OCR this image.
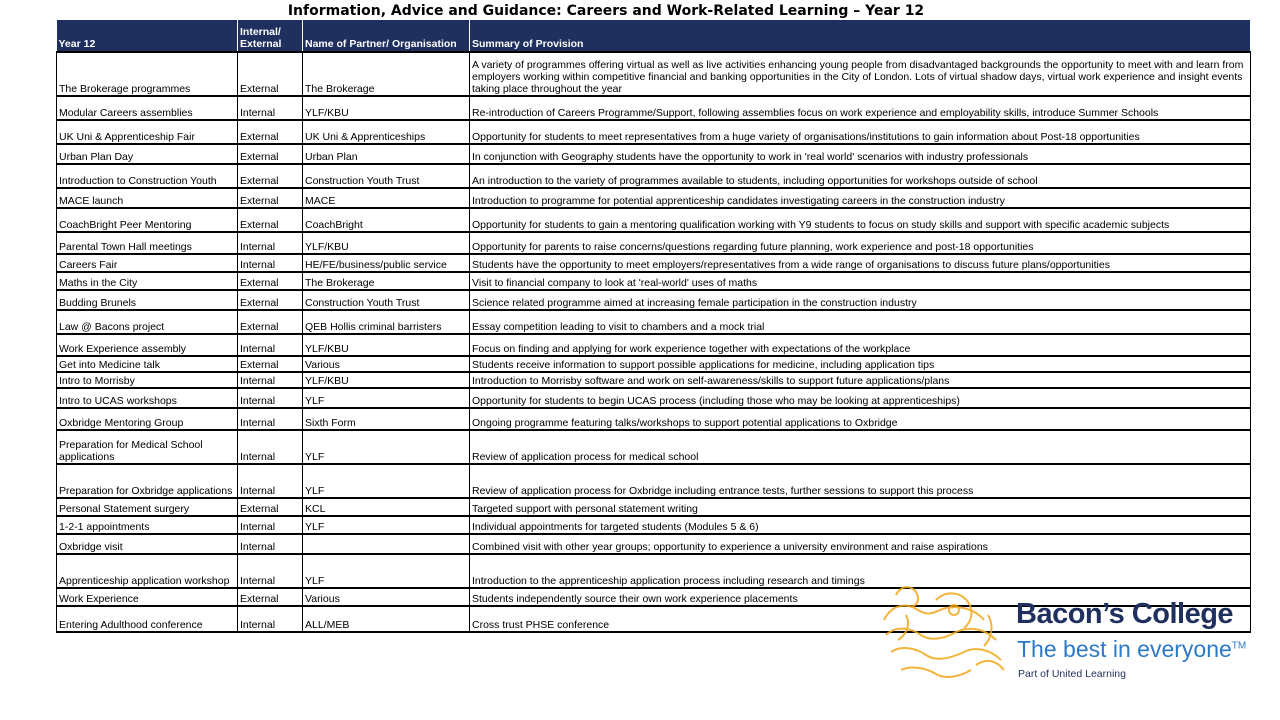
Information, Advice and Guidance: Careers and Work-Related Learning – Year 12
Year 12	Internal/ External	Name of Partner/ Organisation	Summary of Provision
The Brokerage programmes	External	The Brokerage	A variety of programmes offering virtual as well as live activities enhancing young people from disadvantaged backgrounds the opportunity to meet with and learn from employers working within competitive financial and banking opportunities in the City of London. Lots of virtual shadow days, virtual work experience and insight events taking place throughout the year
Modular Careers assemblies	Internal	YLF/KBU	Re-introduction of Careers Programme/Support, following assemblies focus on work experience and employability skills, introduce Summer Schools
UK Uni & Apprenticeship Fair	External	UK Uni & Apprenticeships	Opportunity for students to meet representatives from a huge variety of organisations/institutions to gain information about Post-18 opportunities
Urban Plan Day	External	Urban Plan	In conjunction with Geography students have the opportunity to work in 'real world' scenarios with industry professionals
Introduction to Construction Youth	External	Construction Youth Trust	An introduction to the variety of programmes available to students, including opportunities for workshops outside of school
MACE launch	External	MACE	Introduction to programme for potential apprenticeship candidates investigating careers in the construction industry
CoachBright Peer Mentoring	External	CoachBright	Opportunity for students to gain a mentoring qualification working with Y9 students to focus on study skills and support with specific academic subjects
Parental Town Hall meetings	Internal	YLF/KBU	Opportunity for parents to raise concerns/questions regarding future planning, work experience and post-18 opportunities
Careers Fair	Internal	HE/FE/business/public service	Students have the opportunity to meet employers/representatives from a wide range of organisations to discuss future plans/opportunities
Maths in the City	External	The Brokerage	Visit to financial company to look at 'real-world' uses of maths
Budding Brunels	External	Construction Youth Trust	Science related programme aimed at increasing female participation in the construction industry
Law @ Bacons project	External	QEB Hollis criminal barristers	Essay competition leading to visit to chambers and a mock trial
Work Experience assembly	Internal	YLF/KBU	Focus on finding and applying for work experience together with expectations of the workplace
Get into Medicine talk	External	Various	Students receive information to support possible applications for medicine, including application tips
Intro to Morrisby	Internal	YLF/KBU	Introduction to Morrisby software and work on self-awareness/skills to support future applications/plans
Intro to UCAS workshops	Internal	YLF	Opportunity for students to begin UCAS process (including those who may be looking at apprenticeships)
Oxbridge Mentoring Group	Internal	Sixth Form	Ongoing programme featuring talks/workshops to support potential applications to Oxbridge
Preparation for Medical School applications	Internal	YLF	Review of application process for medical school
Preparation for Oxbridge applications	Internal	YLF	Review of application process for Oxbridge including entrance tests, further sessions to support this process
Personal Statement surgery	External	KCL	Targeted support with personal statement writing
1-2-1 appointments	Internal	YLF	Individual appointments for targeted students (Modules 5 & 6)
Oxbridge visit	Internal		Combined visit with other year groups; opportunity to experience a university environment and raise aspirations
Apprenticeship application workshop	Internal	YLF	Introduction to the apprenticeship application process including research and timings
Work Experience	External	Various	Students independently source their own work experience placements
Entering Adulthood conference	Internal	ALL/MEB	Cross trust PHSE conference	Bacon’s College
The best in everyone™
Part of United Learning
